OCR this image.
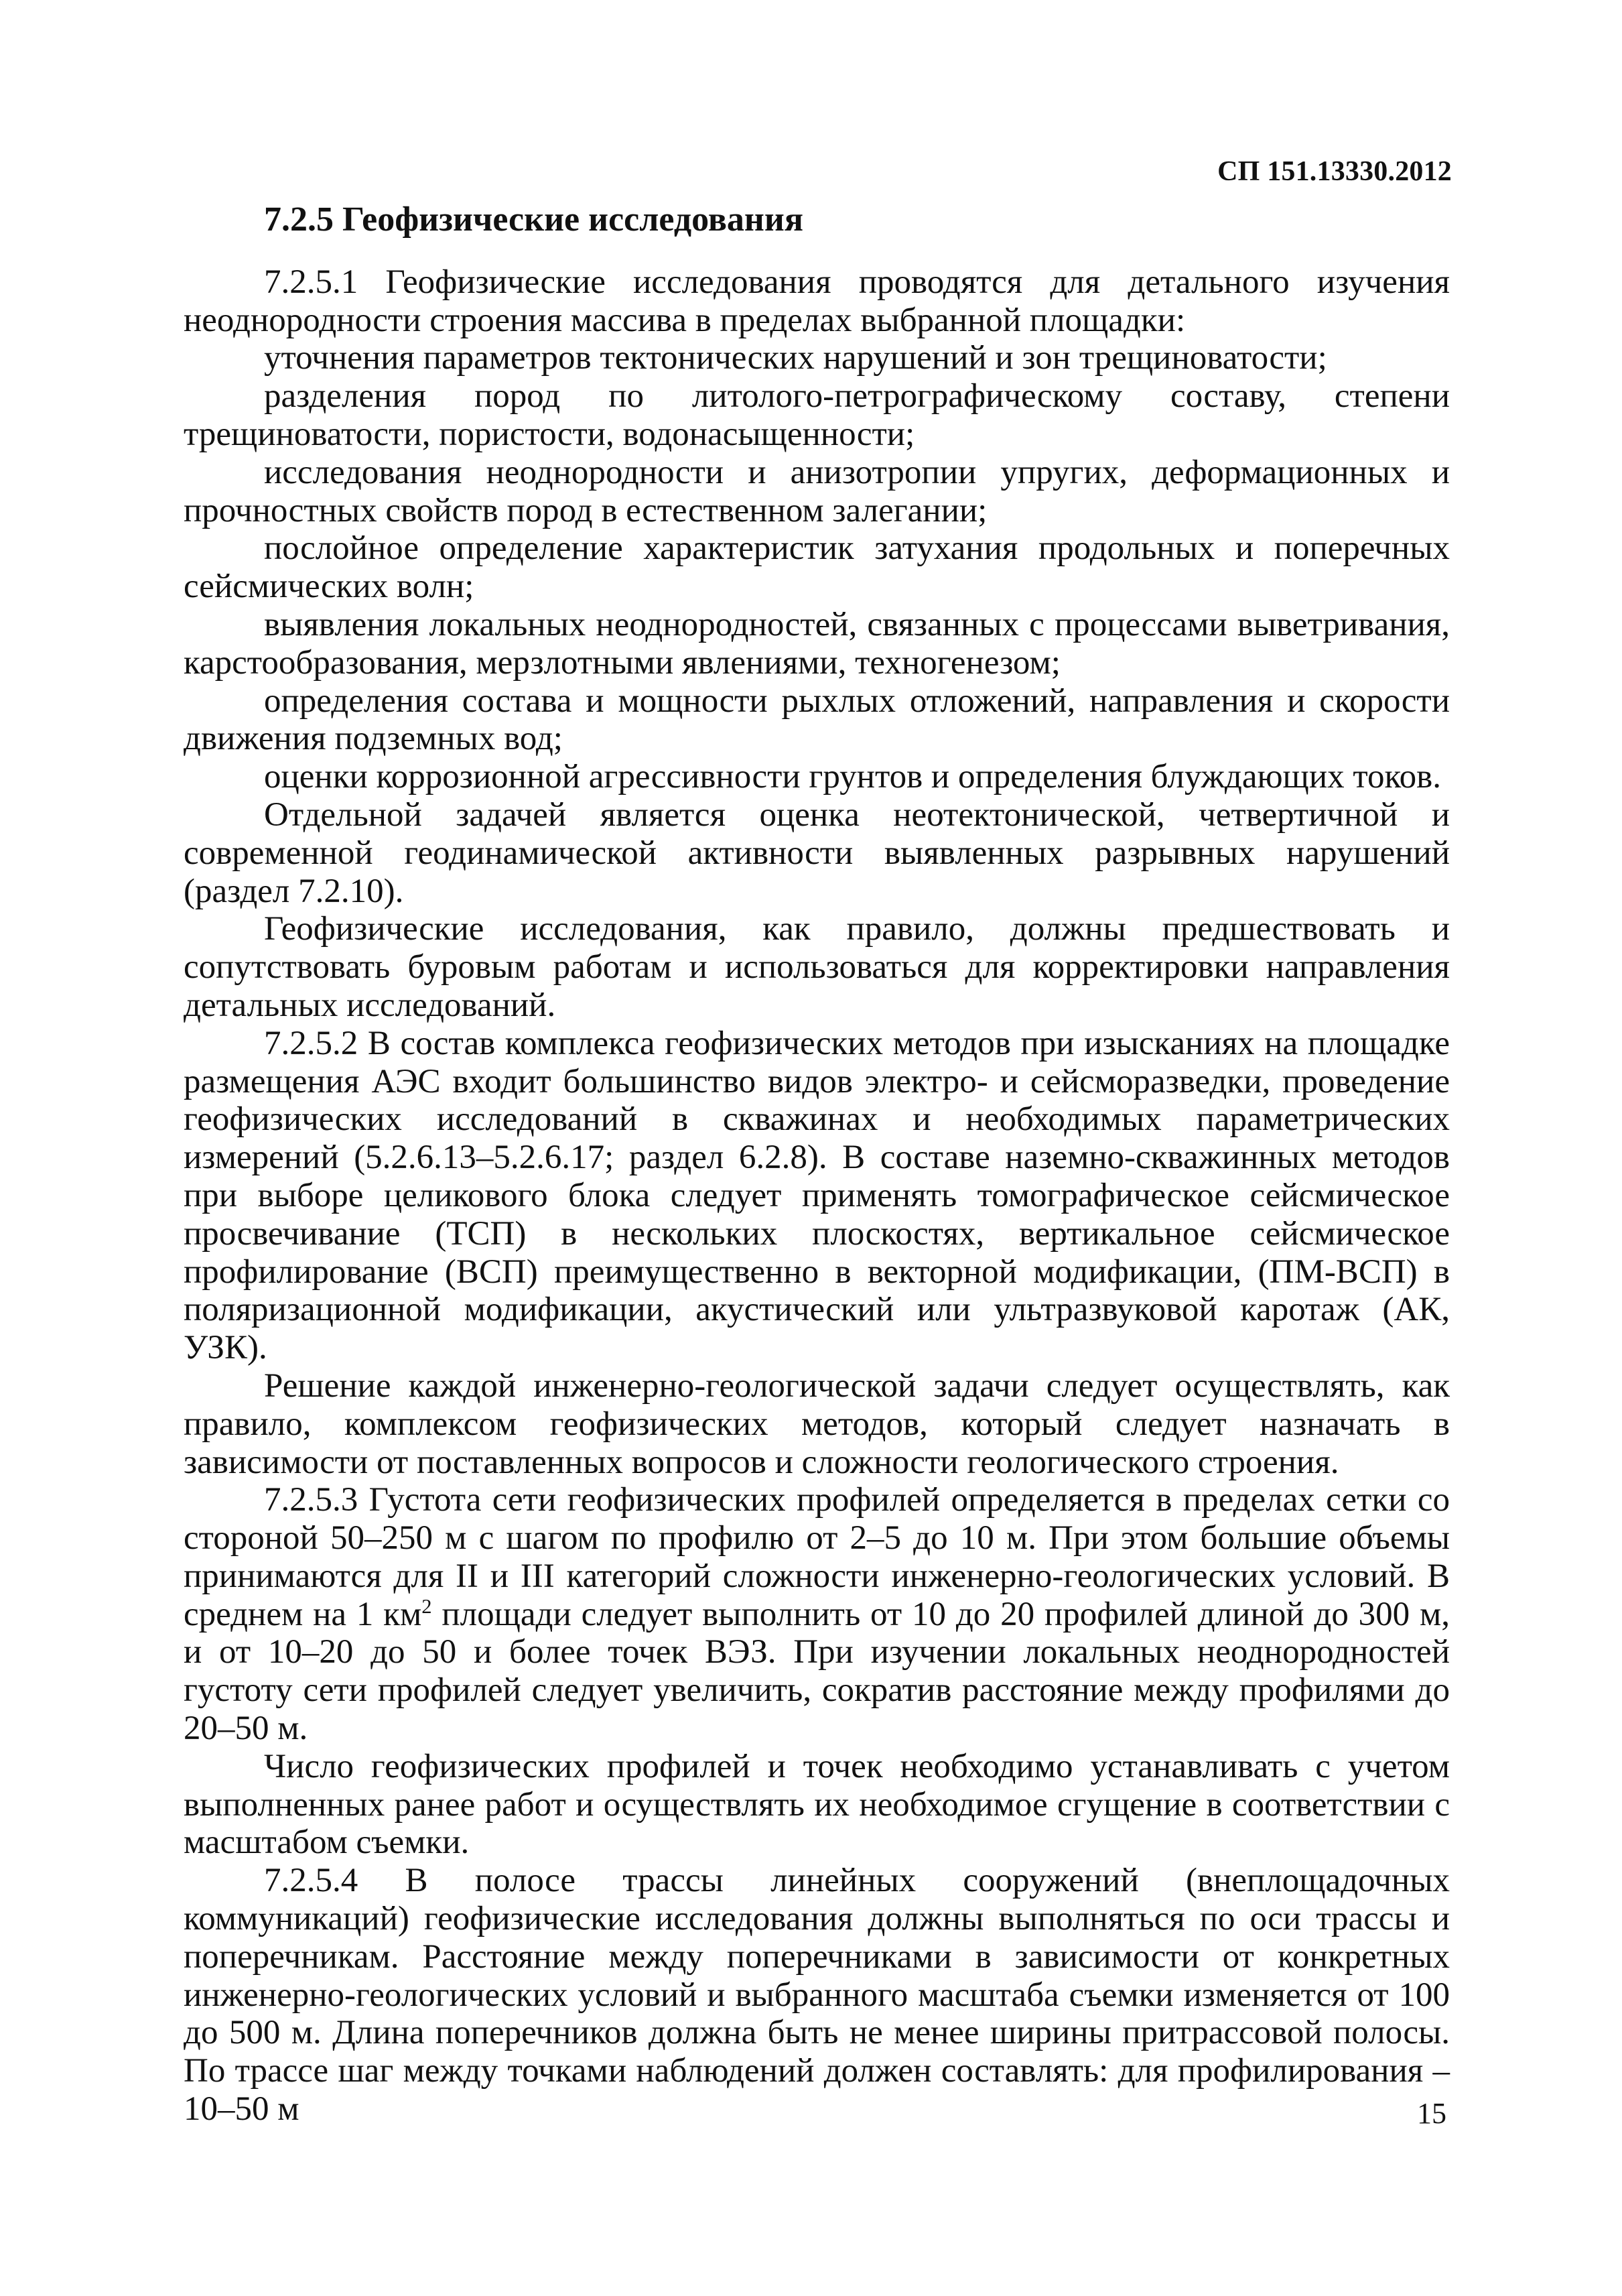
СП 151.13330.2012

7.2.5 Геофизические исследования

7.2.5.1 Геофизические исследования проводятся для детального изучения неоднородности строения массива в пределах выбранной площадки:

уточнения параметров тектонических нарушений и зон трещиноватости;

разделения пород по литолого-петрографическому составу, степени трещиноватости, пористости, водонасыщенности;

исследования неоднородности и анизотропии упругих, деформационных и прочностных свойств пород в естественном залегании;

послойное определение характеристик затухания продольных и поперечных сейсмических волн;

выявления локальных неоднородностей, связанных с процессами выветривания, карстообразования, мерзлотными явлениями, техногенезом;

определения состава и мощности рыхлых отложений, направления и скорости движения подземных вод;

оценки коррозионной агрессивности грунтов и определения блуждающих токов.

Отдельной задачей является оценка неотектонической, четвертичной и современной геодинамической активности выявленных разрывных нарушений (раздел 7.2.10).

Геофизические исследования, как правило, должны предшествовать и сопутствовать буровым работам и использоваться для корректировки направления детальных исследований.

7.2.5.2 В состав комплекса геофизических методов при изысканиях на площадке размещения АЭС входит большинство видов электро- и сейсморазведки, проведение геофизических исследований в скважинах и необходимых параметрических измерений (5.2.6.13–5.2.6.17; раздел 6.2.8). В составе наземно-скважинных методов при выборе целикового блока следует применять томографическое сейсмическое просвечивание (ТСП) в нескольких плоскостях, вертикальное сейсмическое профилирование (ВСП) преимущественно в векторной модификации, (ПМ-ВСП) в поляризационной модификации, акустический или ультразвуковой каротаж (АК, УЗК).

Решение каждой инженерно-геологической задачи следует осуществлять, как правило, комплексом геофизических методов, который следует назначать в зависимости от поставленных вопросов и сложности геологического строения.

7.2.5.3 Густота сети геофизических профилей определяется в пределах сетки со стороной 50–250 м с шагом по профилю от 2–5 до 10 м. При этом большие объемы принимаются для II и III категорий сложности инженерно-геологических условий. В среднем на 1 $км^2$ площади следует выполнить от 10 до 20 профилей длиной до 300 м, и от 10–20 до 50 и более точек ВЭЗ. При изучении локальных неоднородностей густоту сети профилей следует увеличить, сократив расстояние между профилями до 20–50 м.

Число геофизических профилей и точек необходимо устанавливать с учетом выполненных ранее работ и осуществлять их необходимое сгущение в соответствии с масштабом съемки.

7.2.5.4 В полосе трассы линейных сооружений (внеплощадочных коммуникаций) геофизические исследования должны выполняться по оси трассы и поперечникам. Расстояние между поперечниками в зависимости от конкретных инженерно-геологических условий и выбранного масштаба съемки изменяется от 100 до 500 м. Длина поперечников должна быть не менее ширины притрассовой полосы. По трассе шаг между точками наблюдений должен составлять: для профилирования – 10–50 м	15
